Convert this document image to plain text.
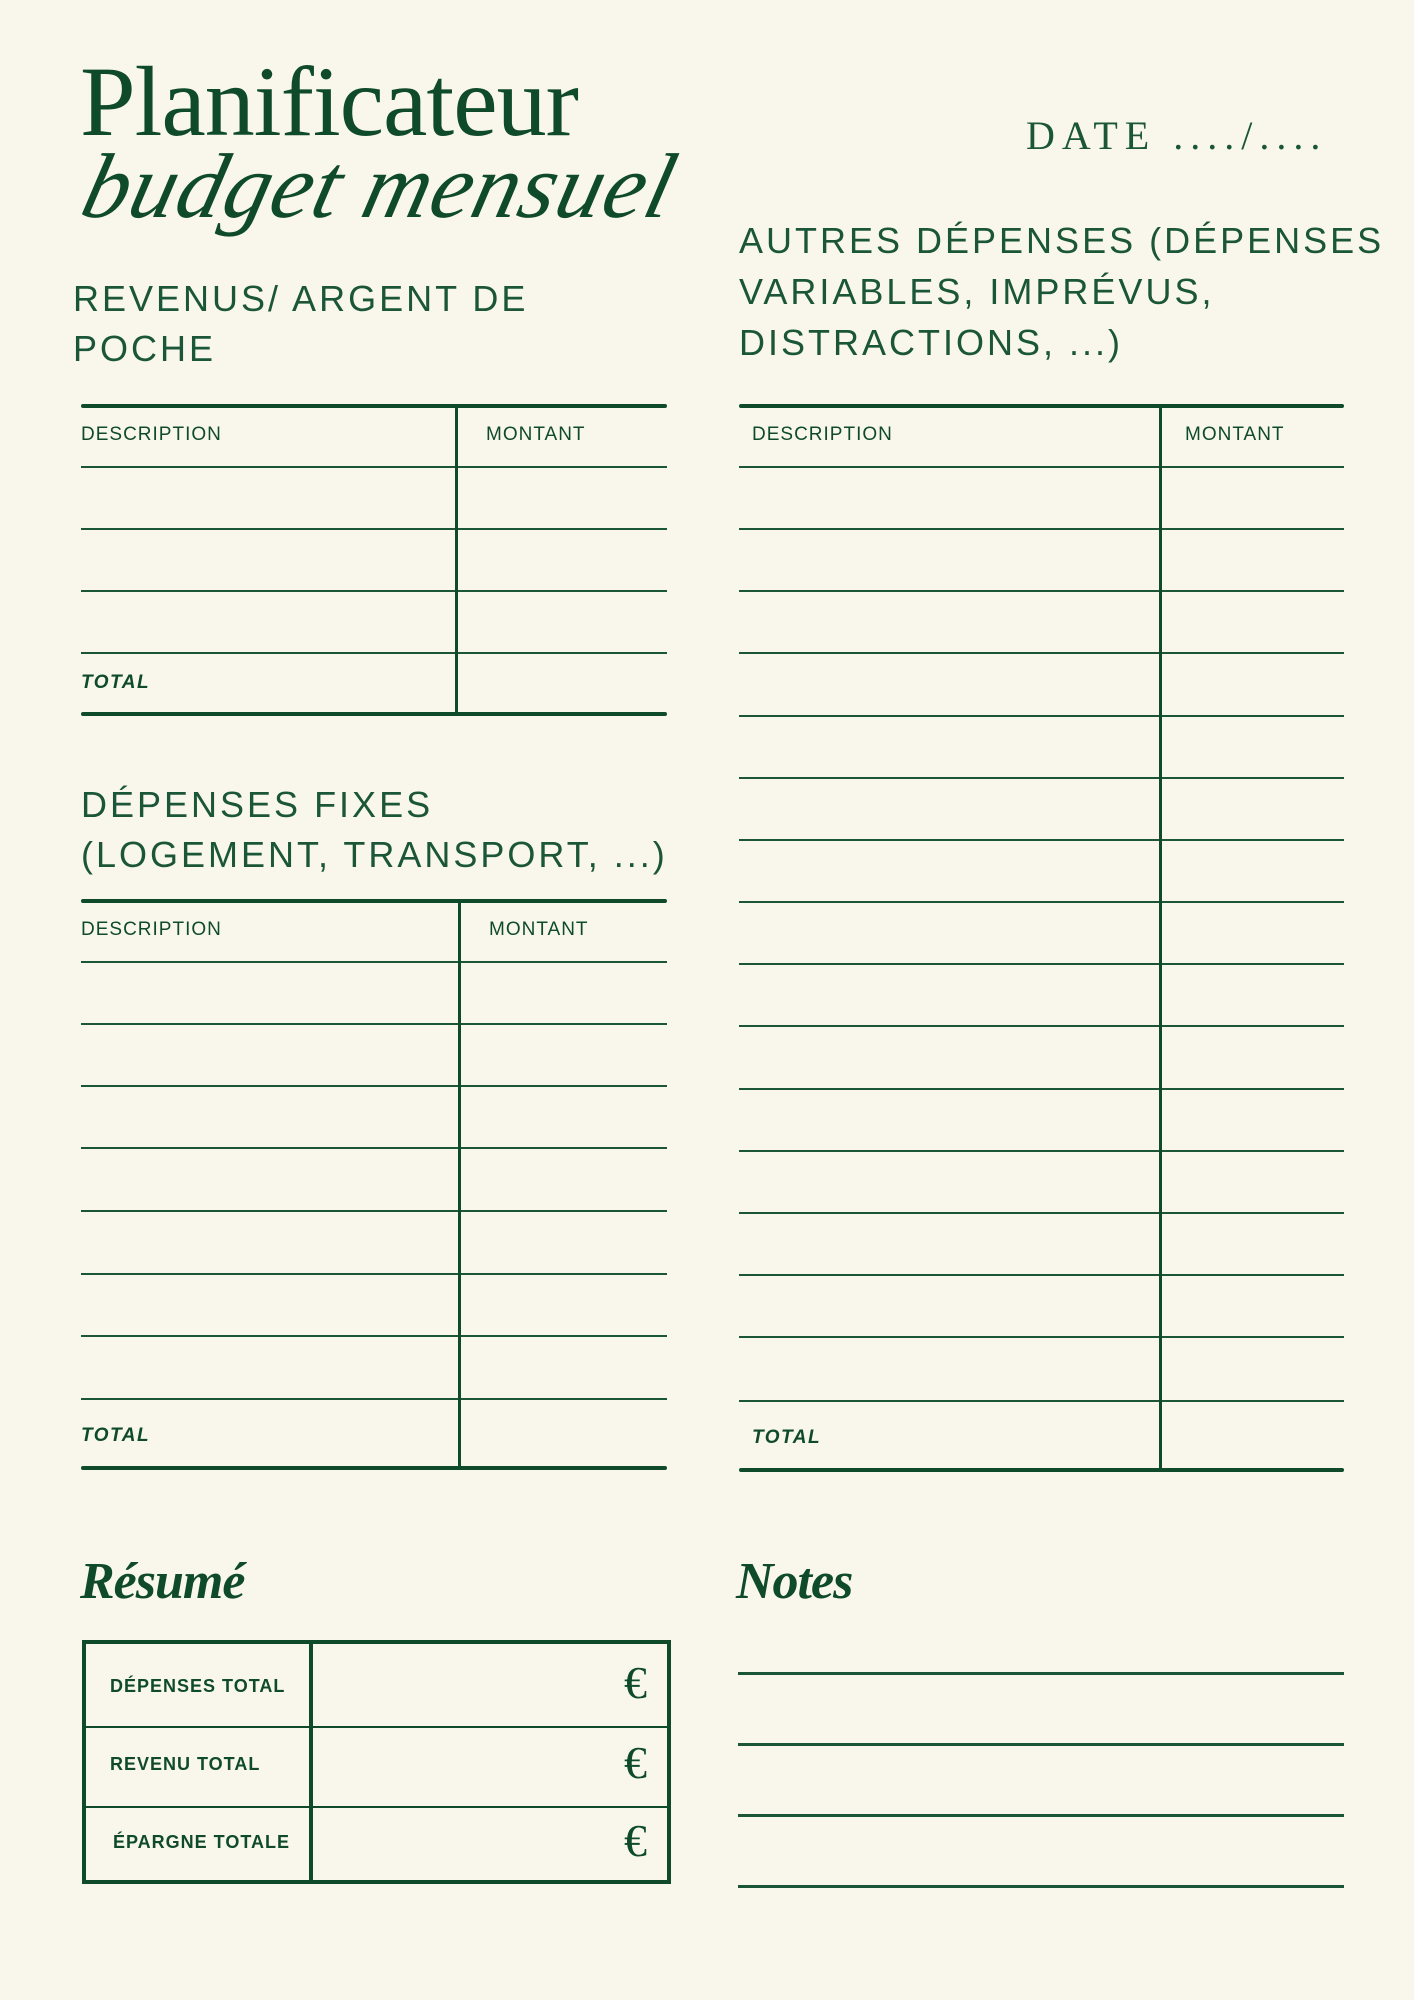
Planificateur
budget mensuel	DATE ..../....
REVENUS/ ARGENT DE
POCHE
DESCRIPTION	MONTANT
TOTAL
DÉPENSES FIXES
(LOGEMENT, TRANSPORT, ...)
DESCRIPTION	MONTANT
TOTAL
AUTRES DÉPENSES (DÉPENSES
VARIABLES, IMPRÉVUS,
DISTRACTIONS, ...)
DESCRIPTION	MONTANT
TOTAL
Résumé
DÉPENSES TOTAL	€
REVENU TOTAL	€
ÉPARGNE TOTALE	€
Notes
